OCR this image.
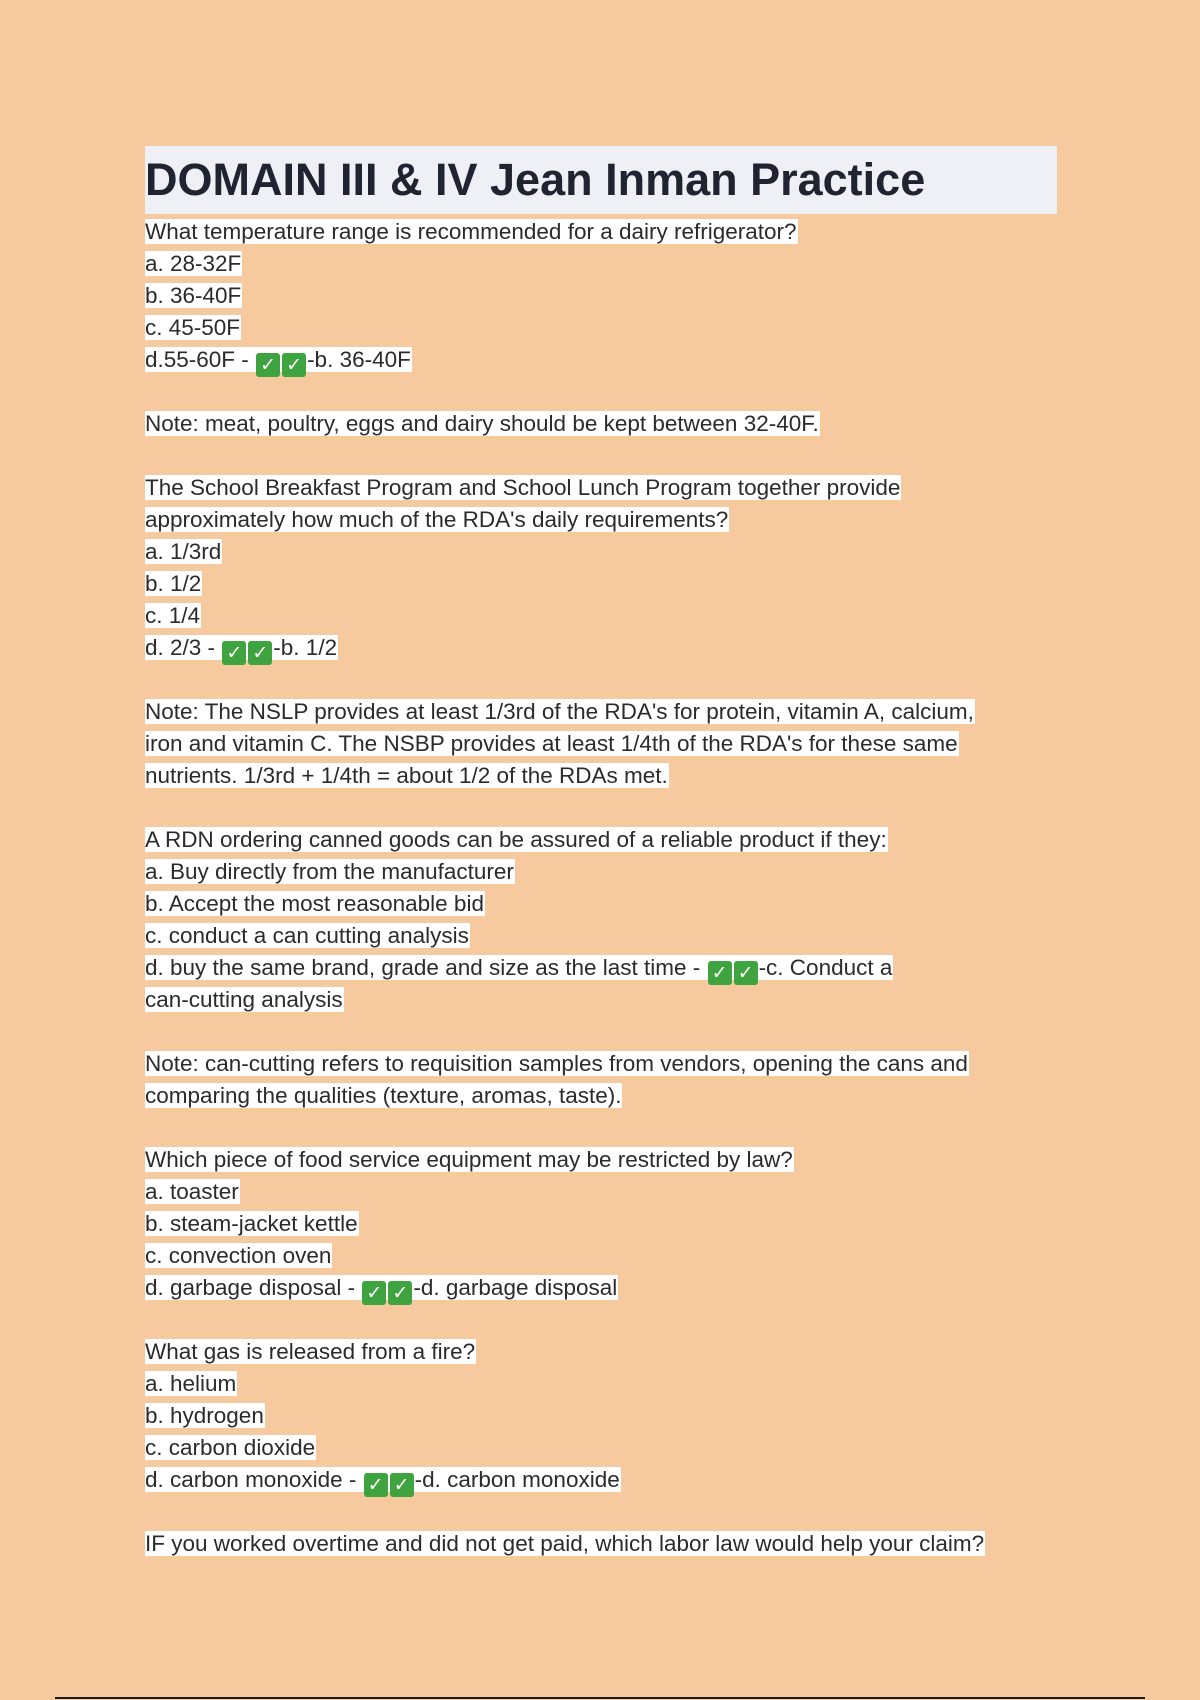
DOMAIN III & IV Jean Inman Practice
What temperature range is recommended for a dairy refrigerator?
a. 28-32F
b. 36-40F
c. 45-50F
d.55-60F - ✓ ✓ -b. 36-40F
Note: meat, poultry, eggs and dairy should be kept between 32-40F.
The School Breakfast Program and School Lunch Program together provide
approximately how much of the RDA's daily requirements?
a. 1/3rd
b. 1/2
c. 1/4
d. 2/3 - ✓ ✓ -b. 1/2
Note: The NSLP provides at least 1/3rd of the RDA's for protein, vitamin A, calcium,
iron and vitamin C. The NSBP provides at least 1/4th of the RDA's for these same
nutrients. 1/3rd + 1/4th = about 1/2 of the RDAs met.
A RDN ordering canned goods can be assured of a reliable product if they:
a. Buy directly from the manufacturer
b. Accept the most reasonable bid
c. conduct a can cutting analysis
d. buy the same brand, grade and size as the last time - ✓ ✓ -c. Conduct a
can-cutting analysis
Note: can-cutting refers to requisition samples from vendors, opening the cans and
comparing the qualities (texture, aromas, taste).
Which piece of food service equipment may be restricted by law?
a. toaster
b. steam-jacket kettle
c. convection oven
d. garbage disposal - ✓ ✓ -d. garbage disposal
What gas is released from a fire?
a. helium
b. hydrogen
c. carbon dioxide
d. carbon monoxide - ✓ ✓ -d. carbon monoxide
IF you worked overtime and did not get paid, which labor law would help your claim?
